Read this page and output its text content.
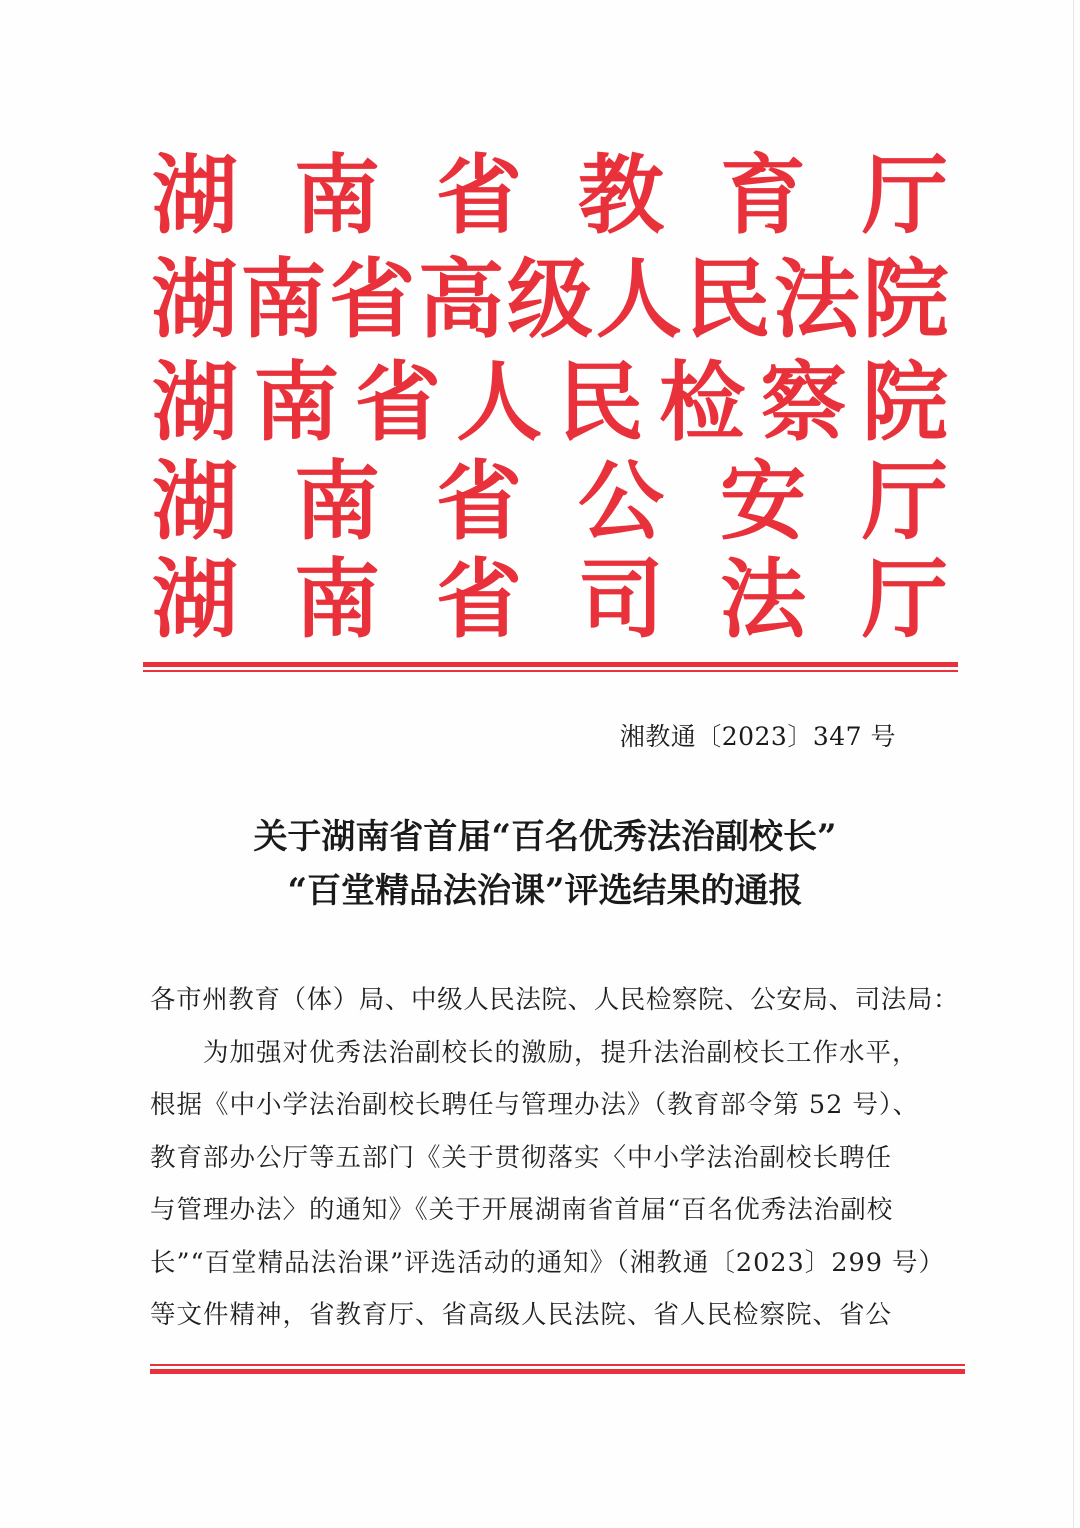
湖 南 省 教 育 厅
湖 南 省 高 级 人 民 法 院
湖 南 省 人 民 检 察 院
湖 南 省 公 安 厅
湖 南 省 司 法 厅
湘教通〔2023〕347 号
关于湖南省首届“百名优秀法治副校长”
“百堂精品法治课”评选结果的通报
各市州教育（体）局、中级人民法院、人民检察院、公安局、司法局：
为加强对优秀法治副校长的激励，提升法治副校长工作水平，
根据《中小学法治副校长聘任与管理办法》（教育部令第 52 号）、
教育部办公厅等五部门《关于贯彻落实〈中小学法治副校长聘任
与管理办法〉的通知》《关于开展湖南省首届“百名优秀法治副校
长”“百堂精品法治课”评选活动的通知》（湘教通〔2023〕299 号）
等文件精神，省教育厅、省高级人民法院、省人民检察院、省公
